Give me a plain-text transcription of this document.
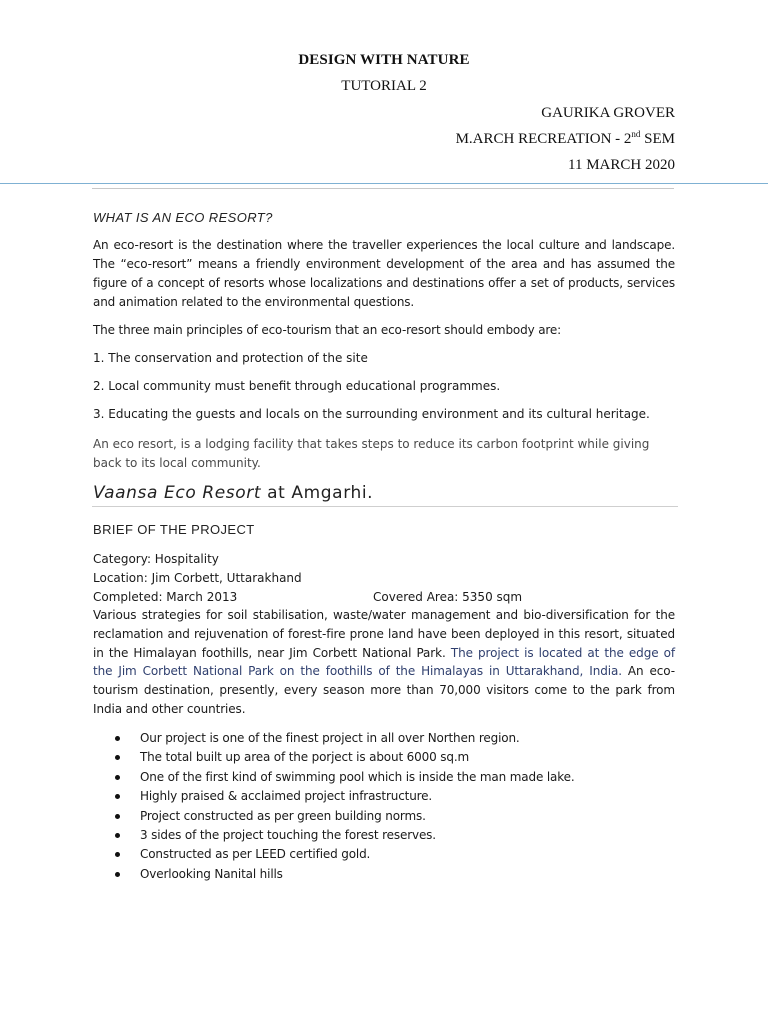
DESIGN WITH NATURE
TUTORIAL 2
GAURIKA GROVER
M.ARCH RECREATION - 2nd SEM
11 MARCH 2020
WHAT IS AN ECO RESORT?

An eco-resort is the destination where the traveller experiences the local culture and landscape. The “eco-resort” means a friendly environment development of the area and has assumed the figure of a concept of resorts whose localizations and destinations offer a set of products, services and animation related to the environmental questions.

The three main principles of eco-tourism that an eco-resort should embody are:

1. The conservation and protection of the site

2. Local community must benefit through educational programmes.

3. Educating the guests and locals on the surrounding environment and its cultural heritage.

An eco resort, is a lodging facility that takes steps to reduce its carbon footprint while giving back to its local community.

Vaansa Eco Resort at Amgarhi.
BRIEF OF THE PROJECT
Category: Hospitality
Location: Jim Corbett, Uttarakhand
Completed: March 2013	Covered Area: 5350 sqm
Various strategies for soil stabilisation, waste/water management and bio-diversification for the reclamation and rejuvenation of forest-fire prone land have been deployed in this resort, situated in the Himalayan foothills, near Jim Corbett National Park. The project is located at the edge of the Jim Corbett National Park on the foothills of the Himalayas in Uttarakhand, India. An eco-tourism destination, presently, every season more than 70,000 visitors come to the park from India and other countries.
Our project is one of the finest project in all over Northen region.
The total built up area of the porject is about 6000 sq.m
One of the first kind of swimming pool which is inside the man made lake.
Highly praised & acclaimed project infrastructure.
Project constructed as per green building norms.
3 sides of the project touching the forest reserves.
Constructed as per LEED certified gold.
Overlooking Nanital hills
